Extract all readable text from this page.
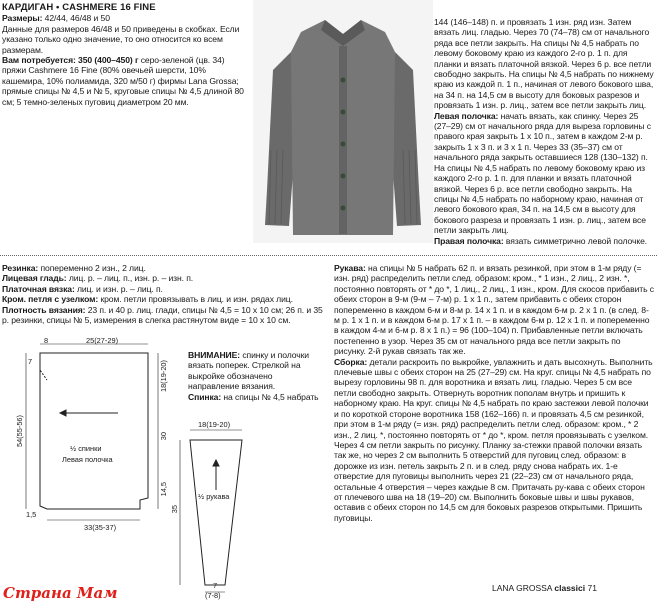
КАРДИГАН • CASHMERE 16 FINE

Размеры: 42/44, 46/48 и 50

Данные для размеров 46/48 и 50 приведены в скобках. Если указано только одно значение, то оно относится ко всем размерам.

Вам потребуется: 350 (400–450) г серо-зеленой (цв. 34) пряжи Cashmere 16 Fine (80% овечьей шерсти, 10% кашемира, 10% полиамида, 320 м/50 г) фирмы Lana Grossa; прямые спицы № 4,5 и № 5, круговые спицы № 4,5 длиной 80 см; 5 темно-зеленых пуговиц диаметром 20 мм.

144 (146–148) п. и провязать 1 изн. ряд изн. Затем вязать лиц. гладью. Через 70 (74–78) см от начального ряда все петли закрыть. На спицы № 4,5 набрать по левому боковому краю из каждого 2-го р. 1 п. для планки и вязать платочной вязкой. Через 6 р. все петли свободно закрыть. На спицы № 4,5 набрать по нижнему краю из каждой п. 1 п., начиная от левого бокового шва, на 34 п. на 14,5 см в высоту для боковых разрезов и провязать 1 изн. р. лиц., затем все петли закрыть лиц.

Левая полочка: начать вязать, как спинку. Через 25 (27–29) см от начального ряда для выреза горловины с правого края закрыть 1 х 10 п., затем в каждом 2-м р. закрыть 1 х 3 п. и 3 х 1 п. Через 33 (35–37) см от начального ряда закрыть оставшиеся 128 (130–132) п. На спицы № 4,5 набрать по левому боковому краю из каждого 2-го р. 1 п. для планки и вязать платочной вязкой. Через 6 р. все петли свободно закрыть. На спицы № 4,5 набрать по наборному краю, начиная от левого бокового края, 34 п. на 14,5 см в высоту для бокового разреза и провязать 1 изн. р. лиц., затем все петли закрыть лиц.

Правая полочка: вязать симметрично левой полочке.

Резинка: попеременно 2 изн., 2 лиц.

Лицевая гладь: лиц. р. – лиц. п., изн. р. – изн. п.

Платочная вязка: лиц. и изн. р. – лиц. п.

Кром. петля с узелком: кром. петли провязывать в лиц. и изн. рядах лиц.

Плотность вязания: 23 п. и 40 р. лиц. глади, спицы № 4,5 = 10 х 10 см; 26 п. и 35 р. резинки, спицы № 5, измерения в слегка растянутом виде = 10 х 10 см.

ВНИМАНИЕ: спинку и полочки вязать поперек. Стрелкой на выкройке обозначено направление вязания.

Спинка: на спицы № 4,5 набрать

7
8	25(27-29)
18(19-20)
30
14,5
54(55-56)
33(35-37)
1,5
½ спинки
Левая полочка
18(19-20)
35
½ рукава
7
(7-8)

Рукава: на спицы № 5 набрать 62 п. и вязать резинкой, при этом в 1-м ряду (= изн. ряд) распределить петли след. образом: кром., * 1 изн., 2 лиц., 2 изн. *, постоянно повторять от * до *, 1 лиц., 2 лиц., 1 изн., кром. Для скосов прибавить с обеих сторон в 9-м (9-м – 7-м) р. 1 х 1 п., затем прибавить с обеих сторон попеременно в каждом 6-м и 8-м р. 14 х 1 п. и в каждом 6-м р. 2 х 1 п. (в след. 8-м р. 1 х 1 п. и в каждом 6-м р. 17 х 1 п. – в каждом 6-м р. 12 х 1 п. и попеременно в каждом 4-м и 6-м р. 8 х 1 п.) = 96 (100–104) п. Прибавленные петли включать постепенно в узор. Через 35 см от начального ряда все петли закрыть по рисунку. 2-й рукав связать так же.

Сборка: детали раскроить по выкройке, увлажнить и дать высохнуть. Выполнить плечевые швы с обеих сторон на 25 (27–29) см. На круг. спицы № 4,5 набрать по вырезу горловины 98 п. для воротника и вязать лиц. гладью. Через 5 см все петли свободно закрыть. Отвернуть воротник пополам внутрь и пришить к наборному краю. На круг. спицы № 4,5 набрать по краю застежки левой полочки и по короткой стороне воротника 158 (162–166) п. и провязать 4,5 см резинкой, при этом в 1-м ряду (= изн. ряд) распределить петли след. образом: кром., * 2 изн., 2 лиц. *, постоянно повторять от * до *, кром. петля провязывать с узелком. Через 4 см петли закрыть по рисунку. Планку за-стежки правой полочки вязать так же, но через 2 см выполнить 5 отверстий для пуговиц след. образом: в дорожке из изн. петель закрыть 2 п. и в след. ряду снова набрать их. 1-е отверстие для пуговицы выполнить через 21 (22–23) см от начального ряда, остальные 4 отверстия – через каждые 8 см. Притачать ру-кава с обеих сторон от плечевого шва на 18 (19–20) см. Выполнить боковые швы и швы рукавов, оставив с обеих сторон по 14,5 см для боковых разрезов открытыми. Пришить пуговицы.

LANA GROSSA classici 71
Страна Мам
